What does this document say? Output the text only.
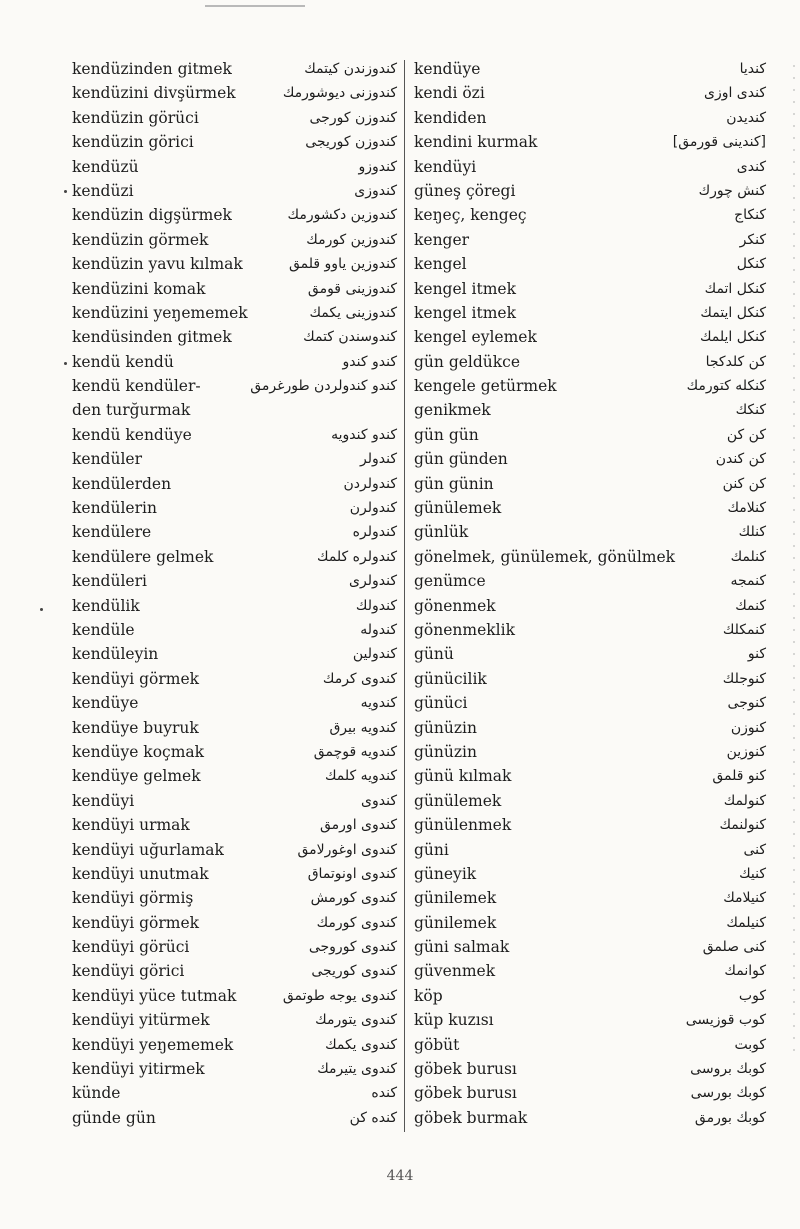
kendüzinden gitmek	كندوزندن كيتمك
kendüzini divşürmek	كندوزنى ديوشورمك
kendüzin görüci	كندوزن كورجى
kendüzin görici	كندوزن كوريجى
kendüzü	كندوزو
kendüzi	كندوزى
kendüzin digşürmek	كندوزين دكشورمك
kendüzin görmek	كندوزين كورمك
kendüzin yavu kılmak	كندوزين ياوو قلمق
kendüzini komak	كندوزينى قومق
kendüzini yeŋememek	كندوزينى يكمك
kendüsinden gitmek	كندوسندن كتمك
kendü kendü	كندو كندو
kendü kendüler-	كندو كندولردن طورغرمق
den turğurmak
kendü kendüye	كندو كندويه
kendüler	كندولر
kendülerden	كندولردن
kendülerin	كندولرن
kendülere	كندولره
kendülere gelmek	كندولره كلمك
kendüleri	كندولرى
kendülik	كندولك
kendüle	كندوله
kendüleyin	كندولين
kendüyi görmek	كندوى كرمك
kendüye	كندويه
kendüye buyruk	كندويه بيرق
kendüye koçmak	كندويه قوچمق
kendüye gelmek	كندويه كلمك
kendüyi	كندوى
kendüyi urmak	كندوى اورمق
kendüyi uğurlamak	كندوى اوغورلامق
kendüyi unutmak	كندوى اونوتماق
kendüyi görmiş	كندوى كورمش
kendüyi görmek	كندوى كورمك
kendüyi görüci	كندوى كوروجى
kendüyi görici	كندوى كوريجى
kendüyi yüce tutmak	كندوى يوجه طوتمق
kendüyi yitürmek	كندوى يتورمك
kendüyi yeŋememek	كندوى يكمك
kendüyi yitirmek	كندوى يتيرمك
künde	كنده
günde gün	كنده كن
kendüye	كنديا
kendi özi	كندى اوزى
kendiden	كنديدن
kendini kurmak	[كندينى قورمق]
kendüyi	كندى
güneş çöregi	كنش چورك
keŋeç, kengeç	كنكاج
kenger	كنكر
kengel	كنكل
kengel itmek	كنكل اتمك
kengel itmek	كنكل ايتمك
kengel eylemek	كنكل ايلمك
gün geldükce	كن كلدكجا
kengele getürmek	كنكله كتورمك
genikmek	كنكك
gün gün	كن كن
gün günden	كن كندن
gün günin	كن كنن
günülemek	كنلامك
günlük	كنلك
gönelmek, günülemek, gönülmek	كنلمك
genümce	كنمجه
gönenmek	كنمك
gönenmeklik	كنمكلك
günü	كنو
günücilik	كنوجلك
günüci	كنوجى
günüzin	كنوزن
günüzin	كنوزين
günü kılmak	كنو قلمق
günülemek	كنولمك
günülenmek	كنولنمك
güni	كنى
güneyik	كنيك
günilemek	كنيلامك
günilemek	كنيلمك
güni salmak	كنى صلمق
güvenmek	كوانمك
köp	كوب
küp kuzısı	كوب قوزيسى
göbüt	كوبت
göbek burusı	كوبك بروسى
göbek burusı	كوبك بورسى
göbek burmak	كوبك بورمق
444
